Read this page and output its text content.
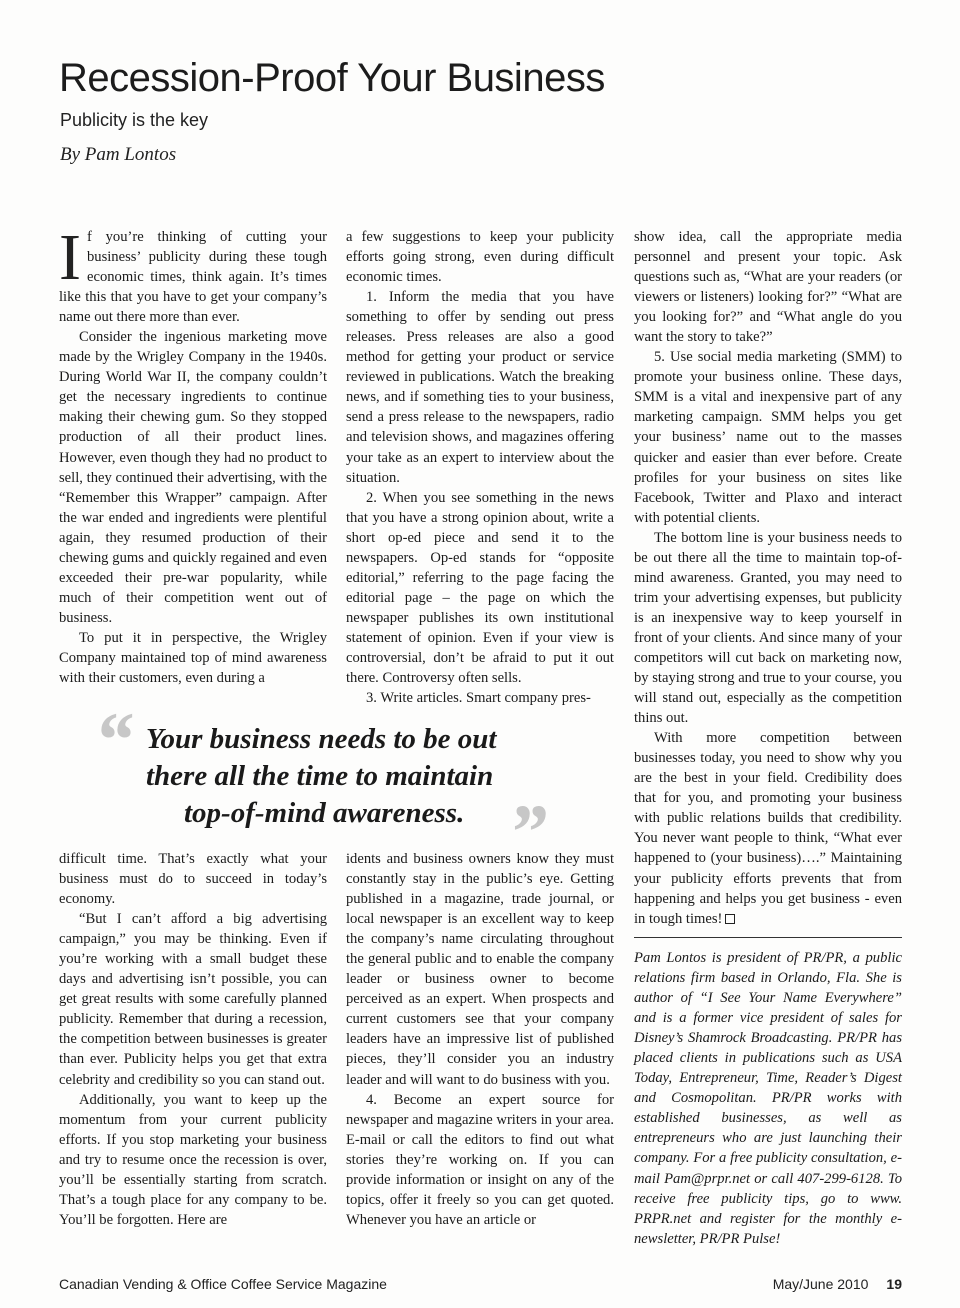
Recession-Proof Your Business
Publicity is the key
By Pam Lontos

If you’re thinking of cutting your business’ publicity during these tough economic times, think again. It’s times like this that you have to get your company’s name out there more than ever.

Consider the ingenious marketing move made by the Wrigley Company in the 1940s. During World War II, the company couldn’t get the necessary ingredients to continue making their chewing gum. So they stopped production of all their product lines. However, even though they had no product to sell, they continued their advertising, with the “Remember this Wrapper” campaign. After the war ended and ingredients were plentiful again, they resumed production of their chewing gums and quickly regained and even exceeded their pre-war popularity, while much of their competition went out of business.

To put it in perspective, the Wrigley Company maintained top of mind awareness with their customers, even during a

a few suggestions to keep your publicity efforts going strong, even during difficult economic times.

1. Inform the media that you have something to offer by sending out press releases. Press releases are also a good method for getting your product or service reviewed in publications. Watch the breaking news, and if something ties to your business, send a press release to the newspapers, radio and television shows, and magazines offering your take as an expert to interview about the situation.

2. When you see something in the news that you have a strong opinion about, write a short op-ed piece and send it to the newspapers. Op-ed stands for “opposite editorial,” referring to the page facing the editorial page – the page on which the newspaper publishes its own institutional statement of opinion. Even if your view is controversial, don’t be afraid to put it out there. Controversy often sells.

3. Write articles. Smart company pres-

show idea, call the appropriate media personnel and present your topic. Ask questions such as, “What are your readers (or viewers or listeners) looking for?” “What are you looking for?” and “What angle do you want the story to take?”

5. Use social media marketing (SMM) to promote your business online. These days, SMM is a vital and inexpensive part of any marketing campaign. SMM helps you get your business’ name out to the masses quicker and easier than ever before. Create profiles for your business on sites like Facebook, Twitter and Plaxo and interact with potential clients.

The bottom line is your business needs to be out there all the time to maintain top-of-mind awareness. Granted, you may need to trim your advertising expenses, but publicity is an inexpensive way to keep yourself in front of your clients. And since many of your competitors will cut back on marketing now, by staying strong and true to your course, you will stand out, especially as the competition thins out.

With more competition between businesses today, you need to show why you are the best in your field. Credibility does that for you, and promoting your business with public relations builds that credibility. You never want people to think, “What ever happened to (your business)….” Maintaining your publicity efforts prevents that from happening and helps you get business - even in tough times!

“ Your business needs to be out
there all the time to maintain
top-of-mind awareness. ”

difficult time. That’s exactly what your business must do to succeed in today’s economy.

“But I can’t afford a big advertising campaign,” you may be thinking. Even if you’re working with a small budget these days and advertising isn’t possible, you can get great results with some carefully planned publicity. Remember that during a recession, the competition between businesses is greater than ever. Publicity helps you get that extra celebrity and credibility so you can stand out.

Additionally, you want to keep up the momentum from your current publicity efforts. If you stop marketing your business and try to resume once the recession is over, you’ll be essentially starting from scratch. That’s a tough place for any company to be. You’ll be forgotten. Here are

idents and business owners know they must constantly stay in the public’s eye. Getting published in a magazine, trade journal, or local newspaper is an excellent way to keep the company’s name circulating throughout the general public and to enable the company leader or business owner to become perceived as an expert. When prospects and current customers see that your company leaders have an impressive list of published pieces, they’ll consider you an industry leader and will want to do business with you.

4. Become an expert source for newspaper and magazine writers in your area. E-mail or call the editors to find out what stories they’re working on. If you can provide information or insight on any of the topics, offer it freely so you can get quoted. Whenever you have an article or

Pam Lontos is president of PR/PR, a public relations firm based in Orlando, Fla. She is author of “I See Your Name Everywhere” and is a former vice president of sales for Disney’s Shamrock Broadcasting. PR/PR has placed clients in publications such as USA Today, Entrepreneur, Time, Reader’s Digest and Cosmopolitan. PR/PR works with established businesses, as well as entrepreneurs who are just launching their company. For a free publicity consultation, e-mail Pam@prpr.net or call 407-299-6128. To receive free publicity tips, go to www. PRPR.net and register for the monthly e-newsletter, PR/PR Pulse!
Canadian Vending & Office Coffee Service Magazine	May/June 2010 19
